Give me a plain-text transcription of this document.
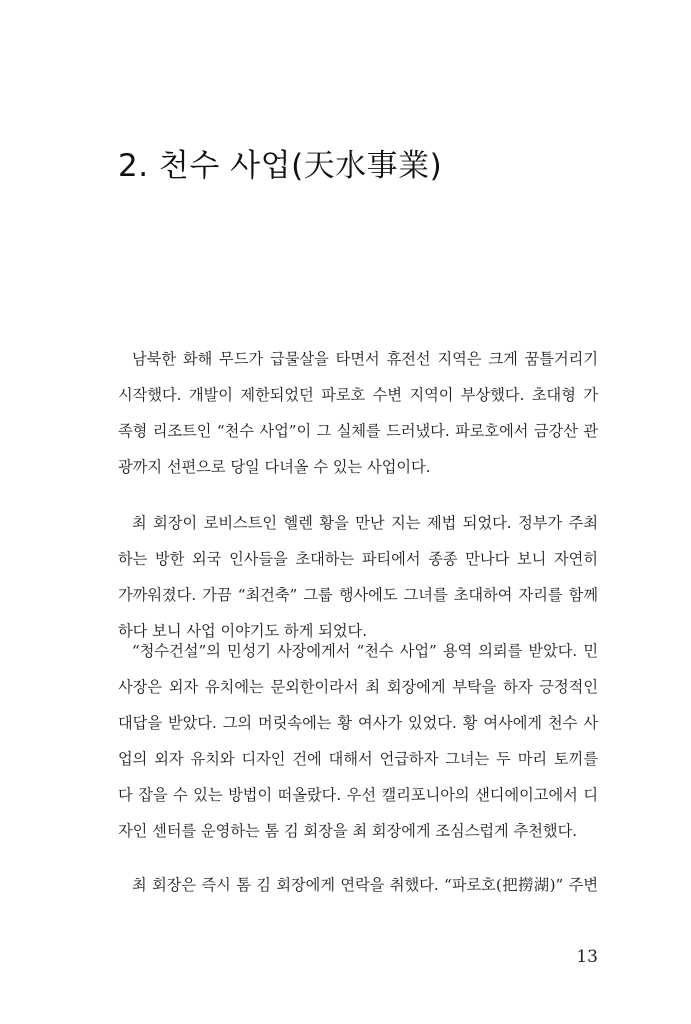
2. 천수 사업(天水事業)
남북한 화해 무드가 급물살을 타면서 휴전선 지역은 크게 꿈틀거리기
시작했다. 개발이 제한되었던 파로호 수변 지역이 부상했다. 초대형 가
족형 리조트인 “천수 사업”이 그 실체를 드러냈다. 파로호에서 금강산 관
광까지 선편으로 당일 다녀올 수 있는 사업이다.
최 회장이 로비스트인 헬렌 황을 만난 지는 제법 되었다. 정부가 주최
하는 방한 외국 인사들을 초대하는 파티에서 종종 만나다 보니 자연히
가까워졌다. 가끔 “최건축” 그룹 행사에도 그녀를 초대하여 자리를 함께
하다 보니 사업 이야기도 하게 되었다.
“청수건설”의 민성기 사장에게서 “천수 사업” 용역 의뢰를 받았다. 민
사장은 외자 유치에는 문외한이라서 최 회장에게 부탁을 하자 긍정적인
대답을 받았다. 그의 머릿속에는 황 여사가 있었다. 황 여사에게 천수 사
업의 외자 유치와 디자인 건에 대해서 언급하자 그녀는 두 마리 토끼를
다 잡을 수 있는 방법이 떠올랐다. 우선 캘리포니아의 샌디에이고에서 디
자인 센터를 운영하는 톰 김 회장을 최 회장에게 조심스럽게 추천했다.
최 회장은 즉시 톰 김 회장에게 연락을 취했다. “파로호(把撈湖)” 주변
13
